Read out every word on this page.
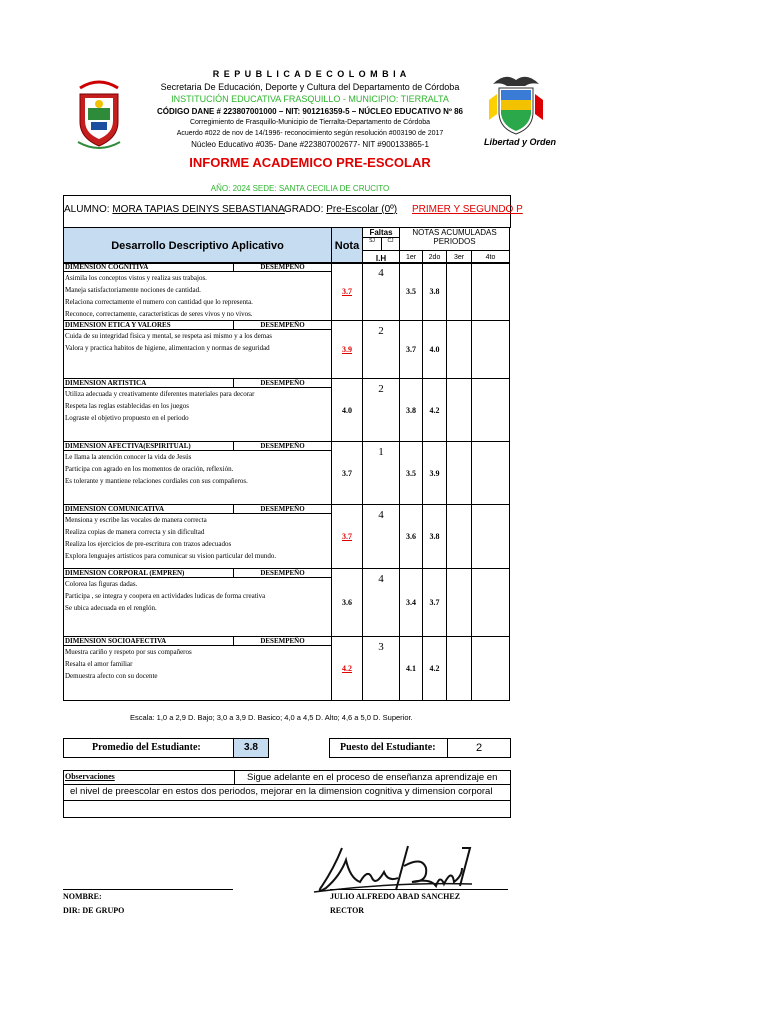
R E P U B L I C A D E C O L O M B I A
Secretaria De Educación, Deporte y Cultura del Departamento de Córdoba
INSTITUCIÓN EDUCATIVA FRASQUILLO - MUNICIPIO: TIERRALTA
CÓDIGO DANE # 223807001000 – NIT: 901216359-5 – NÚCLEO EDUCATIVO Nº 86
Corregimiento de Frasquillo-Municipio de Tierralta-Departamento de Córdoba
Acuerdo #022 de nov de 14/1996- reconocimiento según resolución #003190 de 2017
Núcleo Educativo #035- Dane #223807002677- NIT #900133865-1
INFORME ACADEMICO PRE-ESCOLAR
Libertad y Orden
AÑO: 2024 SEDE: SANTA CECILIA DE CRUCITO
ALUMNO: MORA TAPIAS DEINYS SEBASTIANA GRADO: Pre-Escolar (0º) PRIMER Y SEGUNDO P
Desarrollo Descriptivo Aplicativo	Nota	Faltas		NOTAS ACUMULADAS			
		SJ	CJ	PERIODOS			
		I.H		1er	2do	3er	4to
DIMENSION COGNITIVA	DESEMPEÑO	3.7	4	3.5	3.8		

Asimila los conceptos vistos y realiza sus trabajos.
Maneja satisfactoriamente nociones de cantidad.
Relaciona correctamente el numero con cantidad que lo representa.
Reconoce, correctamente, caracteristicas de seres vivos y no vivos.
DIMENSION ETICA Y VALORES	DESEMPEÑO	3.9	2	3.7	4.0		

Cuida de su integridad fisica y mental, se respeta asi mismo y a los demas
Valora y practica habitos de higiene, alimentacion y normas de seguridad
DIMENSION ARTISTICA	DESEMPEÑO	4.0	2	3.8	4.2		

Utiliza adecuada y creativamente diferentes materiales para decorar
Respeta las reglas establecidas en los juegos
Lograste el objetivo propuesto en el periodo
DIMENSION AFECTIVA(ESPIRITUAL)	DESEMPEÑO	3.7	1	3.5	3.9		

Le llama la atención conocer la vida de Jesús
Participa con agrado en los momentos de oración, reflexión.
Es tolerante y mantiene relaciones cordiales con sus compañeros.
DIMENSION COMUNICATIVA	DESEMPEÑO	3.7	4	3.6	3.8		

Mensiona y escribe las vocales de manera correcta
Realiza copias de manera correcta y sin dificultad
Realiza los ejercicios de pre-escritura con trazos adecuados
Explora lenguajes artisticos para comunicar su vision particular del mundo.
DIMENSION CORPORAL (EMPREN)	DESEMPEÑO	3.6	4	3.4	3.7		

Colorea las figuras dadas.
Participa , se integra y coopera en actividades ludicas de forma creativa
Se ubica adecuada en el renglón.
DIMENSION SOCIOAFECTIVA	DESEMPEÑO	4.2	3	4.1	4.2		

Muestra cariño y respeto por sus compañeros
Resalta el amor familiar
Demuestra afecto con su docente
Escala: 1,0 a 2,9 D. Bajo; 3,0 a 3,9 D. Basico; 4,0 a 4,5 D. Alto; 4,6 a 5,0 D. Superior.
Promedio del Estudiante:	3.8	Puesto del Estudiante:	2
Observaciones	Sigue adelante en el proceso de enseñanza aprendizaje en
el nivel de preescolar en estos dos periodos, mejorar en la dimension cognitiva y dimension corporal
NOMBRE:
DIR: DE GRUPO
JULIO ALFREDO ABAD SANCHEZ
RECTOR
